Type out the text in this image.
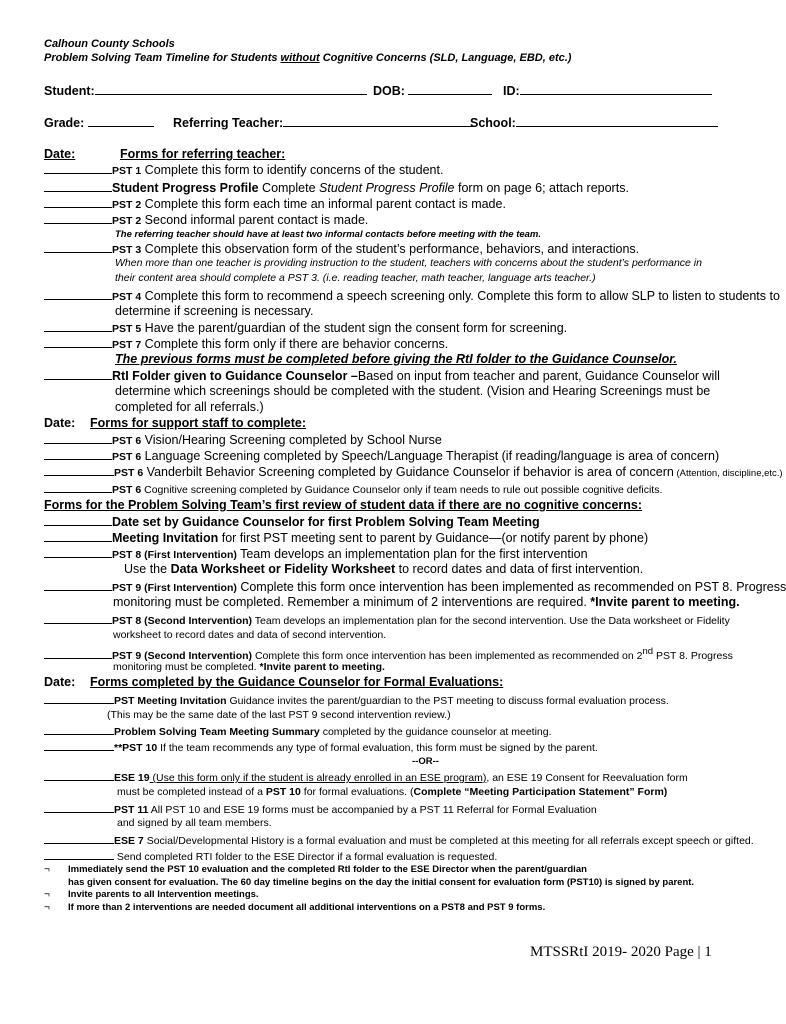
Calhoun County Schools
Problem Solving Team Timeline for Students without Cognitive Concerns (SLD, Language, EBD, etc.)
Student:	DOB:	ID:
Grade:	Referring Teacher:	School:
Date:	Forms for referring teacher:
PST 1 Complete this form to identify concerns of the student.
Student Progress Profile Complete Student Progress Profile form on page 6; attach reports.
PST 2 Complete this form each time an informal parent contact is made.
PST 2 Second informal parent contact is made.
The referring teacher should have at least two informal contacts before meeting with the team.
PST 3 Complete this observation form of the student’s performance, behaviors, and interactions.
When more than one teacher is providing instruction to the student, teachers with concerns about the student’s performance in
their content area should complete a PST 3. (i.e. reading teacher, math teacher, language arts teacher.)
PST 4 Complete this form to recommend a speech screening only. Complete this form to allow SLP to listen to students to
determine if screening is necessary.
PST 5 Have the parent/guardian of the student sign the consent form for screening.
PST 7 Complete this form only if there are behavior concerns.
The previous forms must be completed before giving the RtI folder to the Guidance Counselor.
RtI Folder given to Guidance Counselor –Based on input from teacher and parent, Guidance Counselor will
determine which screenings should be completed with the student. (Vision and Hearing Screenings must be
completed for all referrals.)
Date: Forms for support staff to complete:
PST 6 Vision/Hearing Screening completed by School Nurse
PST 6 Language Screening completed by Speech/Language Therapist (if reading/language is area of concern)
PST 6 Vanderbilt Behavior Screening completed by Guidance Counselor if behavior is area of concern (Attention, discipline,etc.)
PST 6 Cognitive screening completed by Guidance Counselor only if team needs to rule out possible cognitive deficits.
Forms for the Problem Solving Team’s first review of student data if there are no cognitive concerns:
Date set by Guidance Counselor for first Problem Solving Team Meeting
Meeting Invitation for first PST meeting sent to parent by Guidance—(or notify parent by phone)
PST 8 (First Intervention) Team develops an implementation plan for the first intervention
Use the Data Worksheet or Fidelity Worksheet to record dates and data of first intervention.
PST 9 (First Intervention) Complete this form once intervention has been implemented as recommended on PST 8. Progress
monitoring must be completed. Remember a minimum of 2 interventions are required. *Invite parent to meeting.
PST 8 (Second Intervention) Team develops an implementation plan for the second intervention. Use the Data worksheet or Fidelity
worksheet to record dates and data of second intervention.
PST 9 (Second Intervention) Complete this form once intervention has been implemented as recommended on 2nd PST 8. Progress
monitoring must be completed. *Invite parent to meeting.
Date: Forms completed by the Guidance Counselor for Formal Evaluations:
PST Meeting Invitation Guidance invites the parent/guardian to the PST meeting to discuss formal evaluation process.
(This may be the same date of the last PST 9 second intervention review.)
Problem Solving Team Meeting Summary completed by the guidance counselor at meeting.
**PST 10 If the team recommends any type of formal evaluation, this form must be signed by the parent.
--OR--
ESE 19 (Use this form only if the student is already enrolled in an ESE program), an ESE 19 Consent for Reevaluation form
must be completed instead of a PST 10 for formal evaluations. (Complete “Meeting Participation Statement” Form)
PST 11 All PST 10 and ESE 19 forms must be accompanied by a PST 11 Referral for Formal Evaluation
and signed by all team members.
ESE 7 Social/Developmental History is a formal evaluation and must be completed at this meeting for all referrals except speech or gifted.
Send completed RTI folder to the ESE Director if a formal evaluation is requested.
¬ Immediately send the PST 10 evaluation and the completed RtI folder to the ESE Director when the parent/guardian
has given consent for evaluation. The 60 day timeline begins on the day the initial consent for evaluation form (PST10) is signed by parent.
¬ Invite parents to all Intervention meetings.
¬ If more than 2 interventions are needed document all additional interventions on a PST8 and PST 9 forms.
MTSSRtI 2019- 2020 Page | 1
